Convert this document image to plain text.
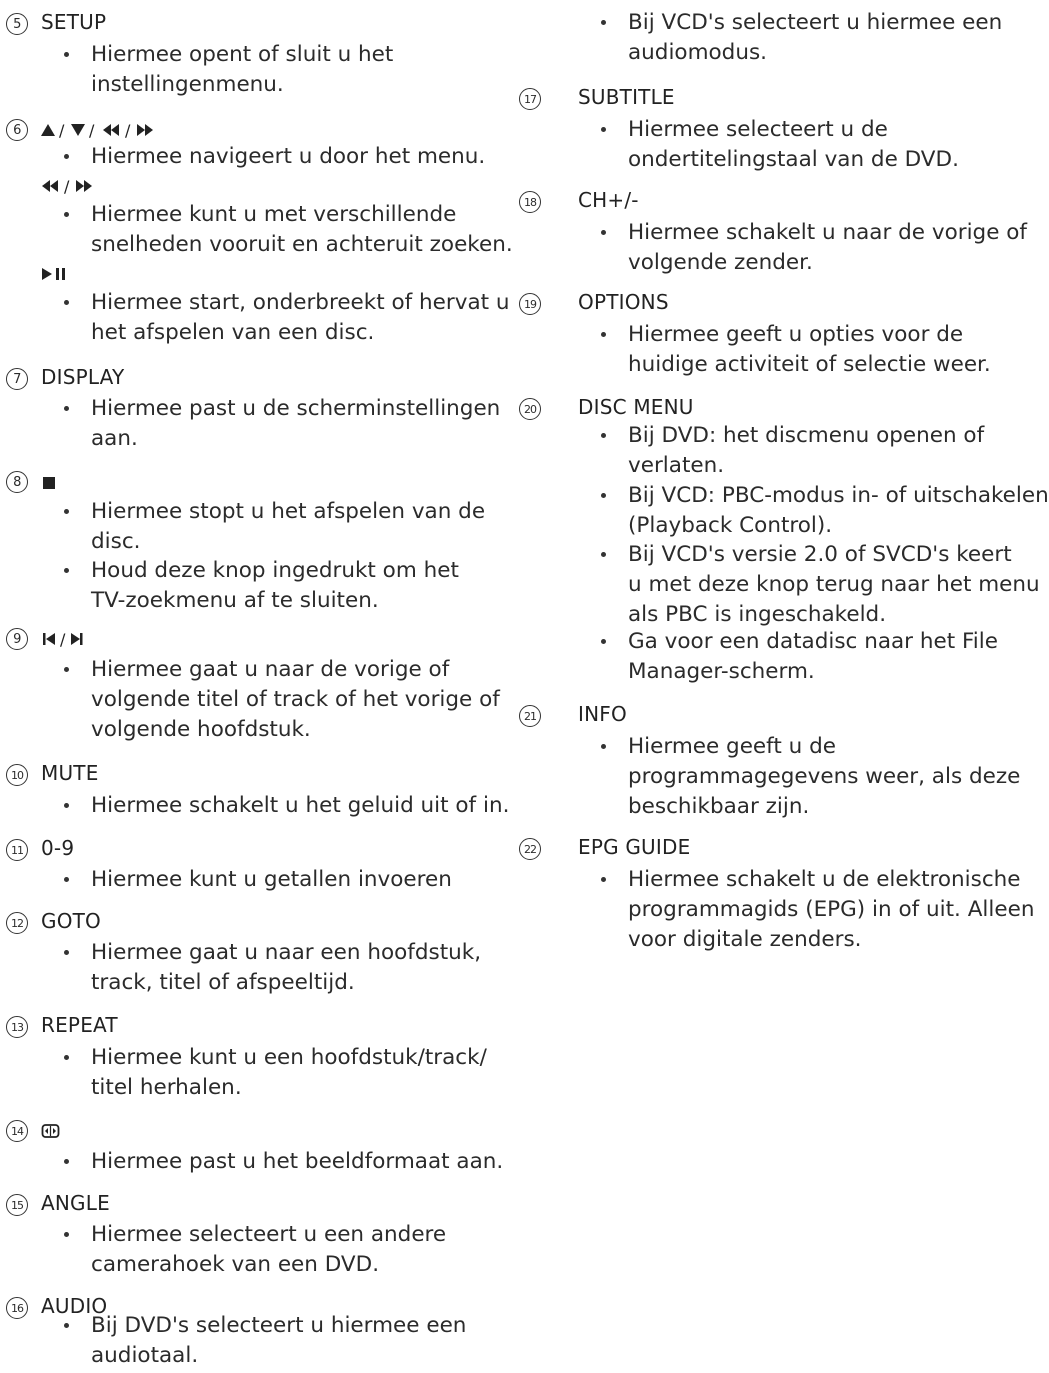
5	SETUP
Hiermee opent of sluit u het
instellingenmenu.
6	/ / /
Hiermee navigeert u door het menu.
/
Hiermee kunt u met verschillende
snelheden vooruit en achteruit zoeken.
Hiermee start, onderbreekt of hervat u
het afspelen van een disc.
7	DISPLAY
Hiermee past u de scherminstellingen
aan.
8
Hiermee stopt u het afspelen van de
disc.
Houd deze knop ingedrukt om het
TV-zoekmenu af te sluiten.
9	/
Hiermee gaat u naar de vorige of
volgende titel of track of het vorige of
volgende hoofdstuk.
10 MUTE
Hiermee schakelt u het geluid uit of in.
11 0-9
Hiermee kunt u getallen invoeren
12 GOTO
Hiermee gaat u naar een hoofdstuk,
track, titel of afspeeltijd.
13 REPEAT
Hiermee kunt u een hoofdstuk/track/
titel herhalen.
14
Hiermee past u het beeldformaat aan.
15 ANGLE
Hiermee selecteert u een andere
camerahoek van een DVD.
16 AUDIO
Bij DVD's selecteert u hiermee een
audiotaal.
Bij VCD's selecteert u hiermee een
audiomodus.
17 SUBTITLE
Hiermee selecteert u de
ondertitelingstaal van de DVD.
18 CH+/-
Hiermee schakelt u naar de vorige of
volgende zender.
19 OPTIONS
Hiermee geeft u opties voor de
huidige activiteit of selectie weer.
20 DISC MENU
Bij DVD: het discmenu openen of
verlaten.
Bij VCD: PBC-modus in- of uitschakelen
(Playback Control).
Bij VCD's versie 2.0 of SVCD's keert
u met deze knop terug naar het menu
als PBC is ingeschakeld.
Ga voor een datadisc naar het File
Manager-scherm.
21 INFO
Hiermee geeft u de
programmagegevens weer, als deze
beschikbaar zijn.
22 EPG GUIDE
Hiermee schakelt u de elektronische
programmagids (EPG) in of uit. Alleen
voor digitale zenders.
